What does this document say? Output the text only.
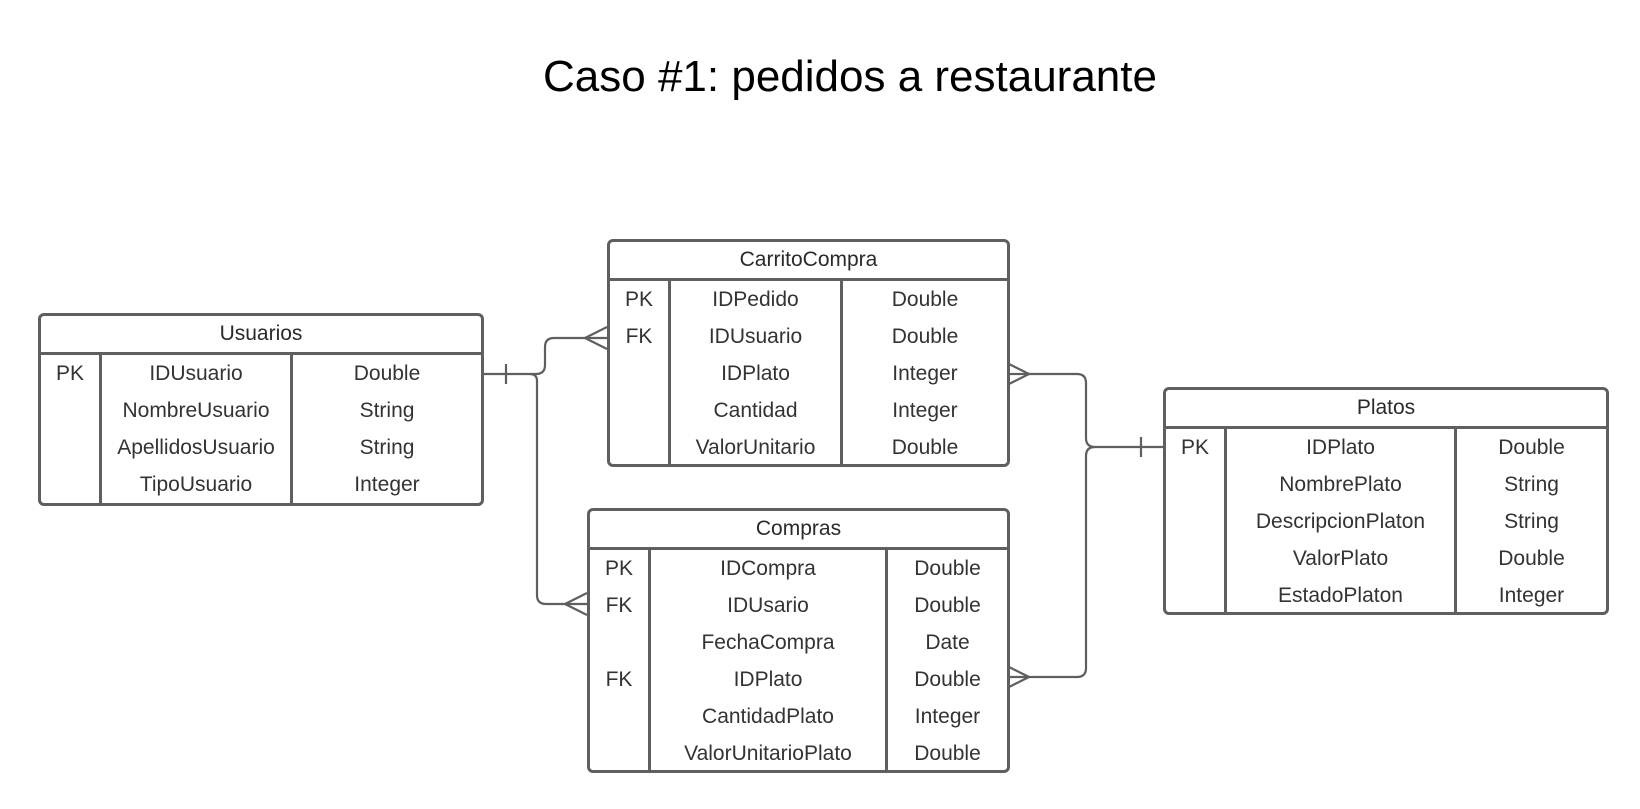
Caso #1: pedidos a restaurante
Usuarios
PK	IDUsuario
NombreUsuario
ApellidosUsuario
TipoUsuario
Double
String
String
Integer
CarritoCompra
PK
FK
IDPedido
IDUsuario
IDPlato
Cantidad
ValorUnitario
Double
Double
Integer
Integer
Double
Compras
PK
FK
FK
IDCompra
IDUsario
FechaCompra
IDPlato
CantidadPlato
ValorUnitarioPlato
Double
Double
Date
Double
Integer
Double
Platos
PK	IDPlato
NombrePlato
DescripcionPlaton
ValorPlato
EstadoPlaton
Double
String
String
Double
Integer
